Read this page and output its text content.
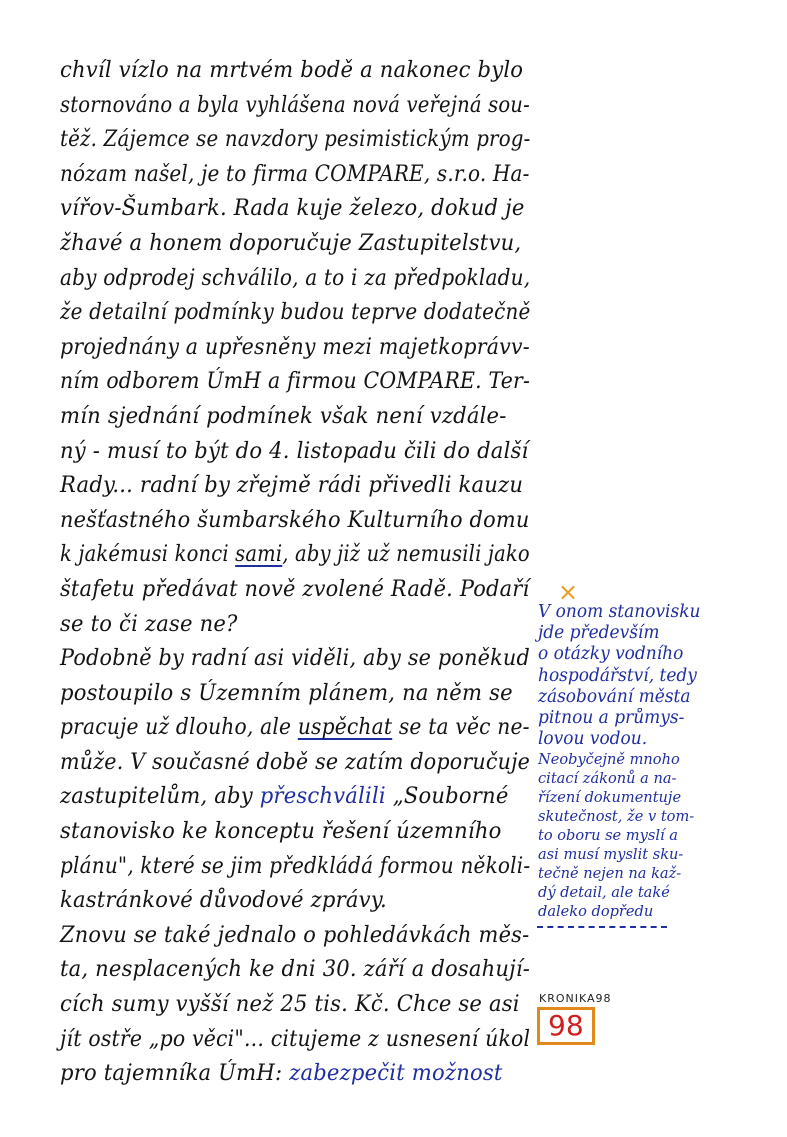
chvíl vízlo na mrtvém bodě a nakonec bylo
stornováno a byla vyhlášena nová veřejná sou-
těž. Zájemce se navzdory pesimistickým prog-
nózam našel, je to firma COMPARE, s.r.o. Ha-
vířov-Šumbark. Rada kuje železo, dokud je
žhavé a honem doporučuje Zastupitelstvu,
aby odprodej schválilo, a to i za předpokladu,
že detailní podmínky budou teprve dodatečně
projednány a upřesněny mezi majetkoprávv-
ním odborem ÚmH a firmou COMPARE. Ter-
mín sjednání podmínek však není vzdále-
ný - musí to být do 4. listopadu čili do další
Rady... radní by zřejmě rádi přivedli kauzu
nešťastného šumbarského Kulturního domu
k jakémusi konci sami, aby již už nemusili jako
štafetu předávat nově zvolené Radě. Podaří
se to či zase ne?
Podobně by radní asi viděli, aby se poněkud
postoupilo s Územním plánem, na něm se
pracuje už dlouho, ale uspěchat se ta věc ne-
může. V současné době se zatím doporučuje
zastupitelům, aby přeschválili „Souborné
stanovisko ke konceptu řešení územního
plánu", které se jim předkládá formou několi-
kastránkové důvodové zprávy.
Znovu se také jednalo o pohledávkách měs-
ta, nesplacených ke dni 30. září a dosahují-
cích sumy vyšší než 25 tis. Kč. Chce se asi
jít ostře „po věci"... citujeme z usnesení úkol
pro tajemníka ÚmH: zabezpečit možnost
×
V onom stanovisku
jde především
o otázky vodního
hospodářství, tedy
zásobování města
pitnou a průmys-
lovou vodou.
Neobyčejně mnoho
citací zákonů a na-
řízení dokumentuje
skutečnost, že v tom-
to oboru se myslí a
asi musí myslit sku-
tečně nejen na kaž-
dý detail, ale také
daleko dopředu
KRONIKA98
98
